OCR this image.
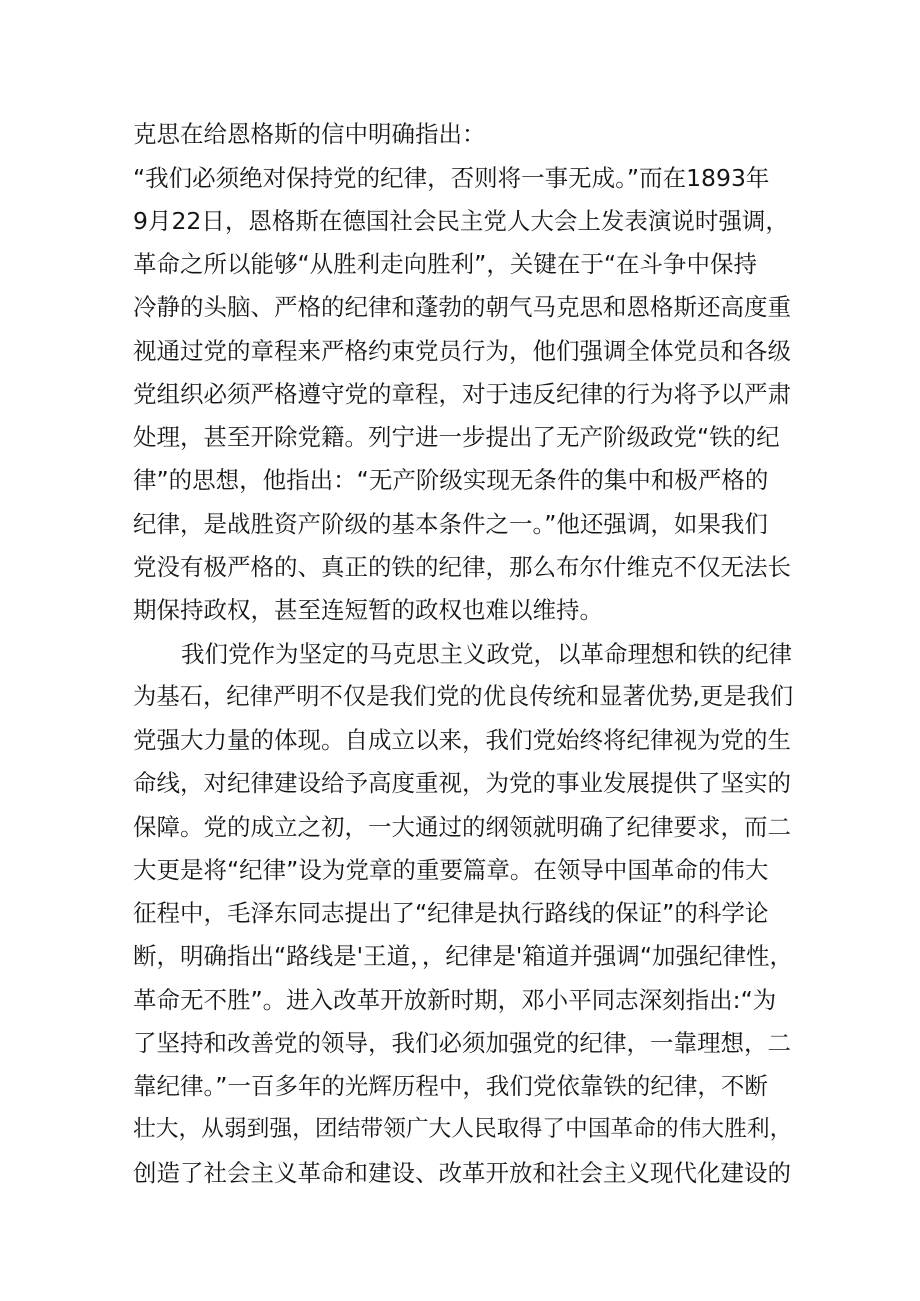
克思在给恩格斯的信中明确指出：
“我们必须绝对保持党的纪律，否则将一事无成。”而在1893年
9月22日，恩格斯在德国社会民主党人大会上发表演说时强调，
革命之所以能够“从胜利走向胜利”，关键在于“在斗争中保持
冷静的头脑、严格的纪律和蓬勃的朝气马克思和恩格斯还高度重
视通过党的章程来严格约束党员行为，他们强调全体党员和各级
党组织必须严格遵守党的章程，对于违反纪律的行为将予以严肃
处理，甚至开除党籍。列宁进一步提出了无产阶级政党“铁的纪
律”的思想，他指出：“无产阶级实现无条件的集中和极严格的
纪律，是战胜资产阶级的基本条件之一。”他还强调，如果我们
党没有极严格的、真正的铁的纪律，那么布尔什维克不仅无法长
期保持政权，甚至连短暂的政权也难以维持。
我们党作为坚定的马克思主义政党，以革命理想和铁的纪律
为基石，纪律严明不仅是我们党的优良传统和显著优势,更是我们
党强大力量的体现。自成立以来，我们党始终将纪律视为党的生
命线，对纪律建设给予高度重视，为党的事业发展提供了坚实的
保障。党的成立之初，一大通过的纲领就明确了纪律要求，而二
大更是将“纪律”设为党章的重要篇章。在领导中国革命的伟大
征程中，毛泽东同志提出了“纪律是执行路线的保证”的科学论
断，明确指出“路线是'王道，，纪律是'箱道并强调“加强纪律性，
革命无不胜”。进入改革开放新时期，邓小平同志深刻指出:“为
了坚持和改善党的领导，我们必须加强党的纪律，一靠理想，二
靠纪律。”一百多年的光辉历程中，我们党依靠铁的纪律，不断
壮大，从弱到强，团结带领广大人民取得了中国革命的伟大胜利，
创造了社会主义革命和建设、改革开放和社会主义现代化建设的
